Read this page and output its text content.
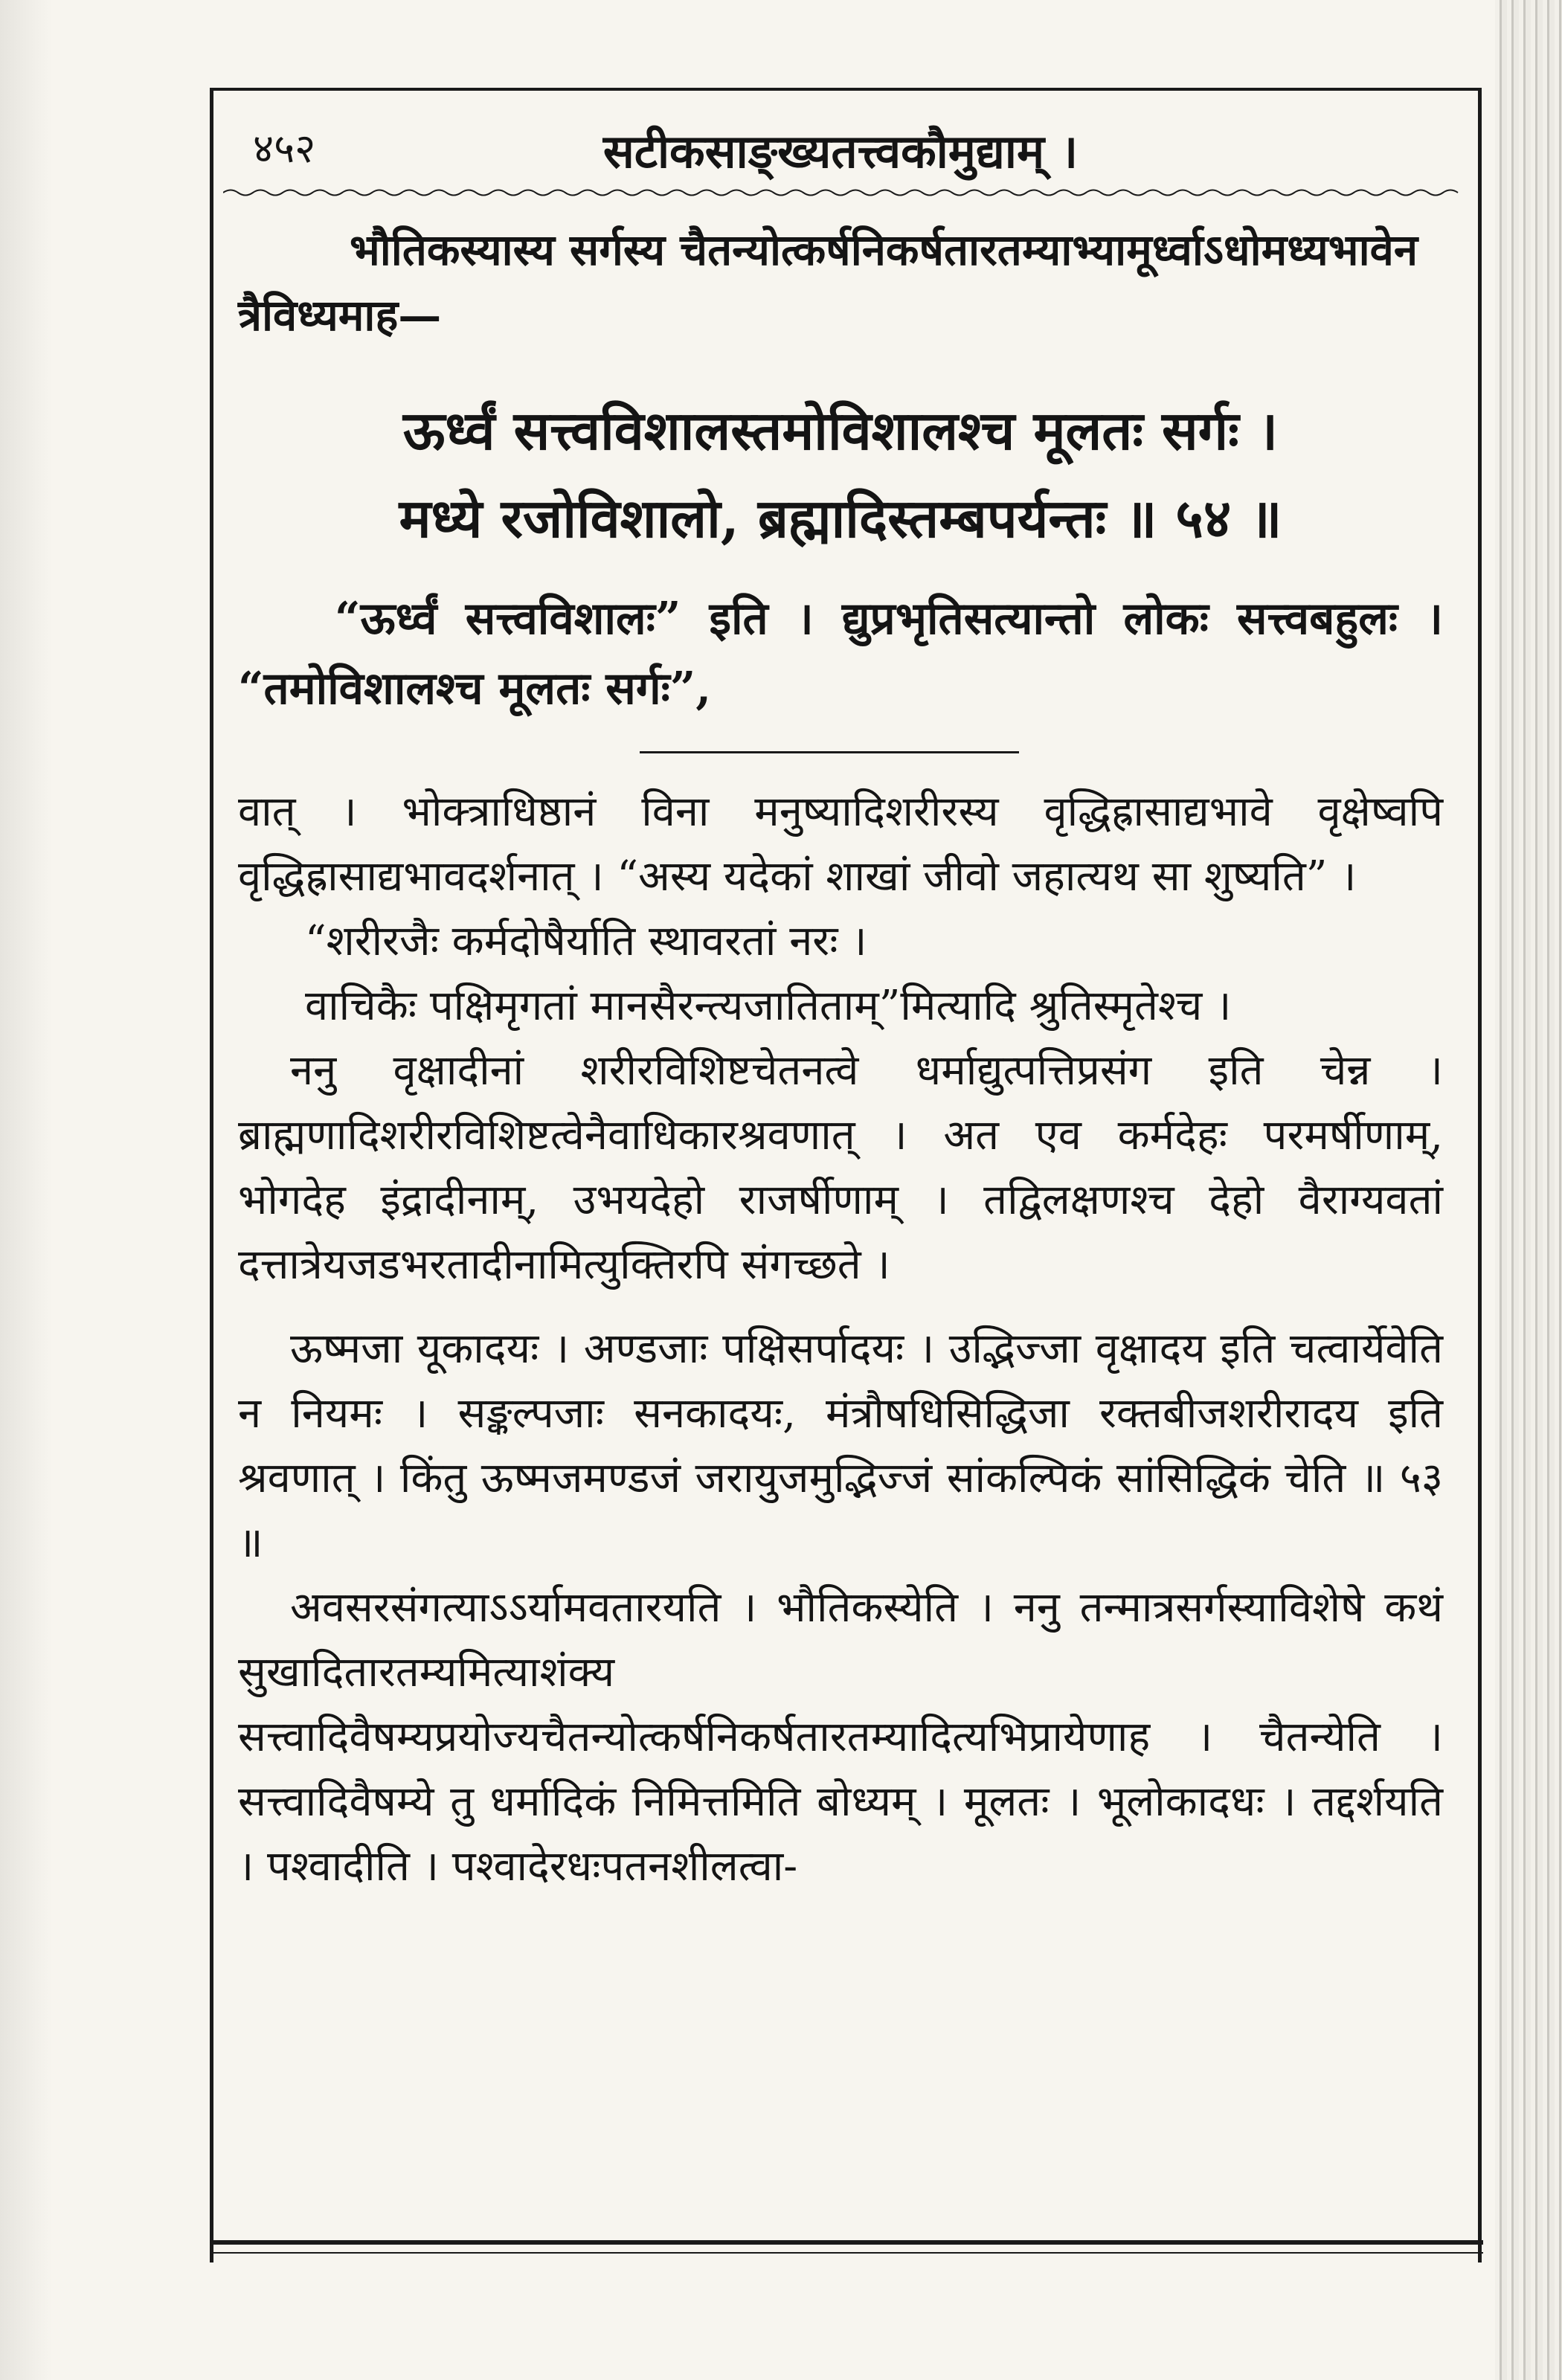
सटीकसाङ्ख्यतत्त्वकौमुद्याम् ।
४५२

भौतिकस्यास्य सर्गस्य चैतन्योत्कर्षनिकर्षतारतम्याभ्यामूर्ध्वाऽधोमध्यभावेन त्रैविध्यमाह—

ऊर्ध्वं सत्त्वविशालस्तमोविशालश्च मूलतः सर्गः ।
मध्ये रजोविशालो, ब्रह्मादिस्तम्बपर्यन्तः ॥ ५४ ॥

“ऊर्ध्वं सत्त्वविशालः” इति । द्युप्रभृतिसत्यान्तो लोकः सत्त्वबहुलः । “तमोविशालश्च मूलतः सर्गः”,

वात् । भोक्त्राधिष्ठानं विना मनुष्यादिशरीरस्य वृद्धिह्रासाद्यभावे वृक्षेष्वपि वृद्धिह्रासाद्यभावदर्शनात् । “अस्य यदेकां शाखां जीवो जहात्यथ सा शुष्यति” ।

“शरीरजैः कर्मदोषैर्याति स्थावरतां नरः ।

वाचिकैः पक्षिमृगतां मानसैरन्त्यजातिताम्”मित्यादि श्रुतिस्मृतेश्च ।

ननु वृक्षादीनां शरीरविशिष्टचेतनत्वे धर्माद्युत्पत्तिप्रसंग इति चेन्न । ब्राह्मणादिशरीरविशिष्टत्वेनैवाधिकारश्रवणात् । अत एव कर्मदेहः परमर्षीणाम्, भोगदेह इंद्रादीनाम्, उभयदेहो राजर्षीणाम् । तद्विलक्षणश्च देहो वैराग्यवतां दत्तात्रेयजडभरतादीनामित्युक्तिरपि संगच्छते ।

ऊष्मजा यूकादयः । अण्डजाः पक्षिसर्पादयः । उद्भिज्जा वृक्षादय इति चत्वार्येवेति न नियमः । सङ्कल्पजाः सनकादयः, मंत्रौषधिसिद्धिजा रक्तबीजशरीरादय इति श्रवणात् । किंतु ऊष्मजमण्डजं जरायुजमुद्भिज्जं सांकल्पिकं सांसिद्धिकं चेति ॥ ५३ ॥

अवसरसंगत्याऽऽर्यामवतारयति । भौतिकस्येति । ननु तन्मात्रसर्गस्याविशेषे कथं सुखादितारतम्यमित्याशंक्य सत्त्वादिवैषम्यप्रयोज्यचैतन्योत्कर्षनिकर्षतारतम्यादित्यभिप्रायेणाह । चैतन्येति । सत्त्वादिवैषम्ये तु धर्मादिकं निमित्तमिति बोध्यम् । मूलतः । भूलोकादधः । तद्दर्शयति । पश्वादीति । पश्वादेरधःपतनशीलत्वा-
